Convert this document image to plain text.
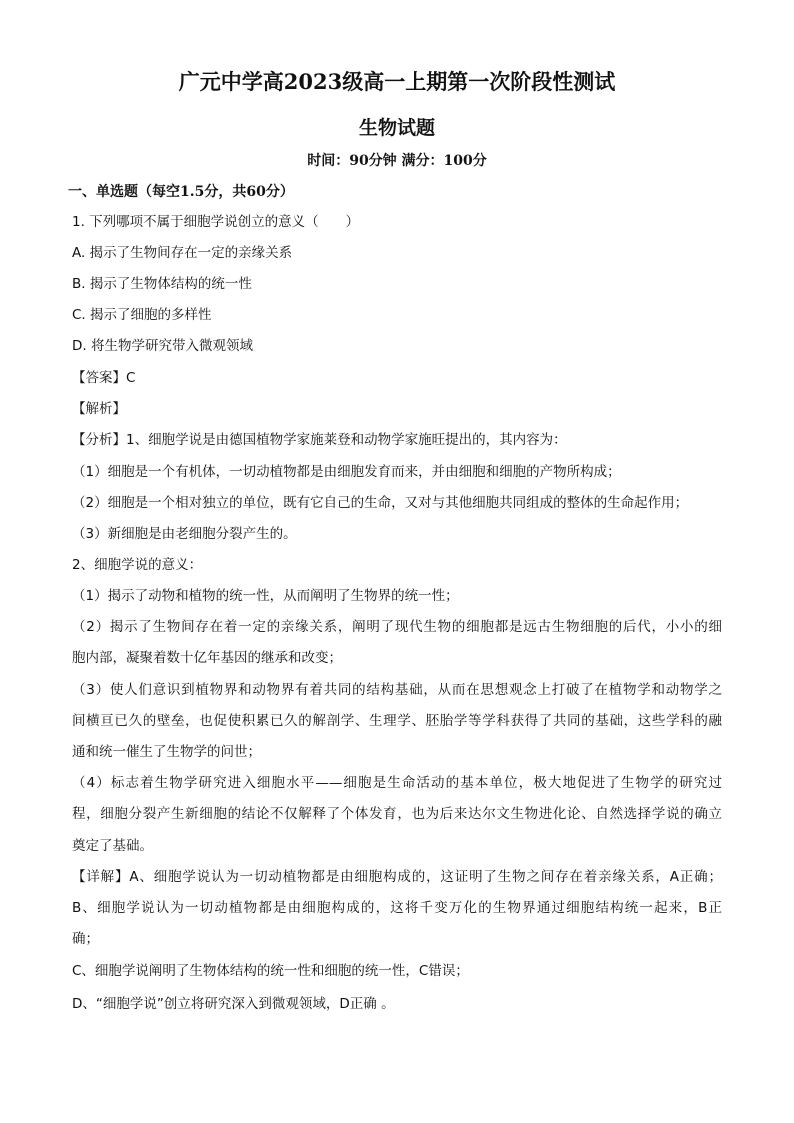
广元中学高2023级高一上期第一次阶段性测试
生物试题
时间：90分钟 满分：100分
一、单选题（每空1.5分，共60分）
1. 下列哪项不属于细胞学说创立的意义（　　）
A. 揭示了生物间存在一定的亲缘关系
B. 揭示了生物体结构的统一性
C. 揭示了细胞的多样性
D. 将生物学研究带入微观领域
【答案】C
【解析】
【分析】1、细胞学说是由德国植物学家施莱登和动物学家施旺提出的，其内容为：
（1）细胞是一个有机体，一切动植物都是由细胞发育而来，并由细胞和细胞的产物所构成；
（2）细胞是一个相对独立的单位，既有它自己的生命，又对与其他细胞共同组成的整体的生命起作用；
（3）新细胞是由老细胞分裂产生的。
2、细胞学说的意义：
（1）揭示了动物和植物的统一性，从而阐明了生物界的统一性；
（2）揭示了生物间存在着一定的亲缘关系，阐明了现代生物的细胞都是远古生物细胞的后代，小小的细
胞内部，凝聚着数十亿年基因的继承和改变；
（3）使人们意识到植物界和动物界有着共同的结构基础，从而在思想观念上打破了在植物学和动物学之
间横亘已久的壁垒，也促使积累已久的解剖学、生理学、胚胎学等学科获得了共同的基础，这些学科的融
通和统一催生了生物学的问世；
（4）标志着生物学研究进入细胞水平——细胞是生命活动的基本单位，极大地促进了生物学的研究过
程，细胞分裂产生新细胞的结论不仅解释了个体发育，也为后来达尔文生物进化论、自然选择学说的确立
奠定了基础。
【详解】A、细胞学说认为一切动植物都是由细胞构成的，这证明了生物之间存在着亲缘关系，A正确；
B、细胞学说认为一切动植物都是由细胞构成的，这将千变万化的生物界通过细胞结构统一起来，B正
确；
C、细胞学说阐明了生物体结构的统一性和细胞的统一性，C错误；
D、“细胞学说”创立将研究深入到微观领域，D正确 。
